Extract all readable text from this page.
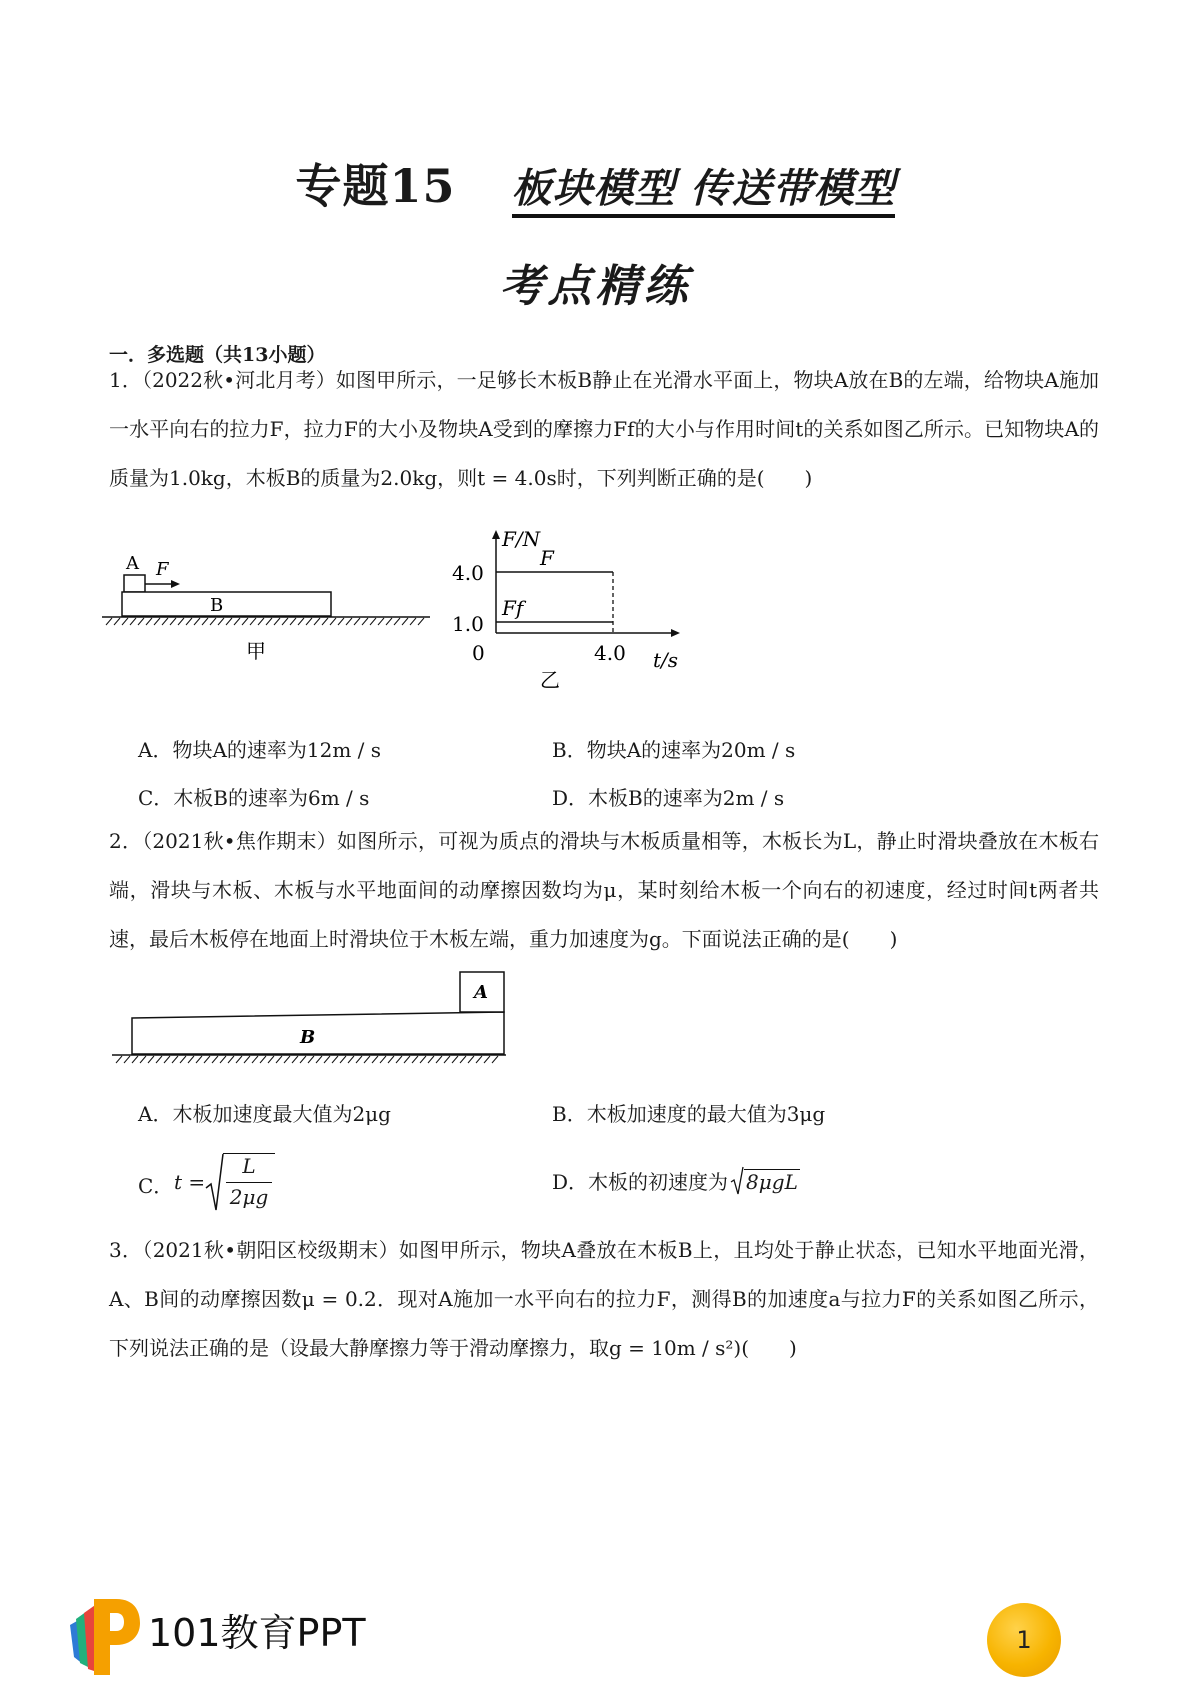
专题15 板块模型 传送带模型
考点精练
一．多选题（共13小题）
1．（2022秋•河北月考）如图甲所示，一足够长木板B静止在光滑水平面上，物块A放在B的左端，给物块A施加一水平向右的拉力F，拉力F的大小及物块A受到的摩擦力Ff的大小与作用时间t的关系如图乙所示。已知物块A的质量为1.0kg，木板B的质量为2.0kg，则t = 4.0s时，下列判断正确的是(　　)
A F
B
甲
F/N
t/s
4.0
1.0
0	4.0
F
Ff
乙
A．物块A的速率为12m / s	B．物块A的速率为20m / s
C．木板B的速率为6m / s	D．木板B的速率为2m / s
2．（2021秋•焦作期末）如图所示，可视为质点的滑块与木板质量相等，木板长为L，静止时滑块叠放在木板右端，滑块与木板、木板与水平地面间的动摩擦因数均为μ，某时刻给木板一个向右的初速度，经过时间t两者共速，最后木板停在地面上时滑块位于木板左端，重力加速度为g。下面说法正确的是(　　)
B
A
A．木板加速度最大值为2μg	B．木板加速度的最大值为3μg
C． t =
L
2μg
D．木板的初速度为 8μgL
3．（2021秋•朝阳区校级期末）如图甲所示，物块A叠放在木板B上，且均处于静止状态，已知水平地面光滑，A、B间的动摩擦因数μ = 0.2．现对A施加一水平向右的拉力F，测得B的加速度a与拉力F的关系如图乙所示，下列说法正确的是（设最大静摩擦力等于滑动摩擦力，取g = 10m / s²)(　　)
101教育PPT	1
